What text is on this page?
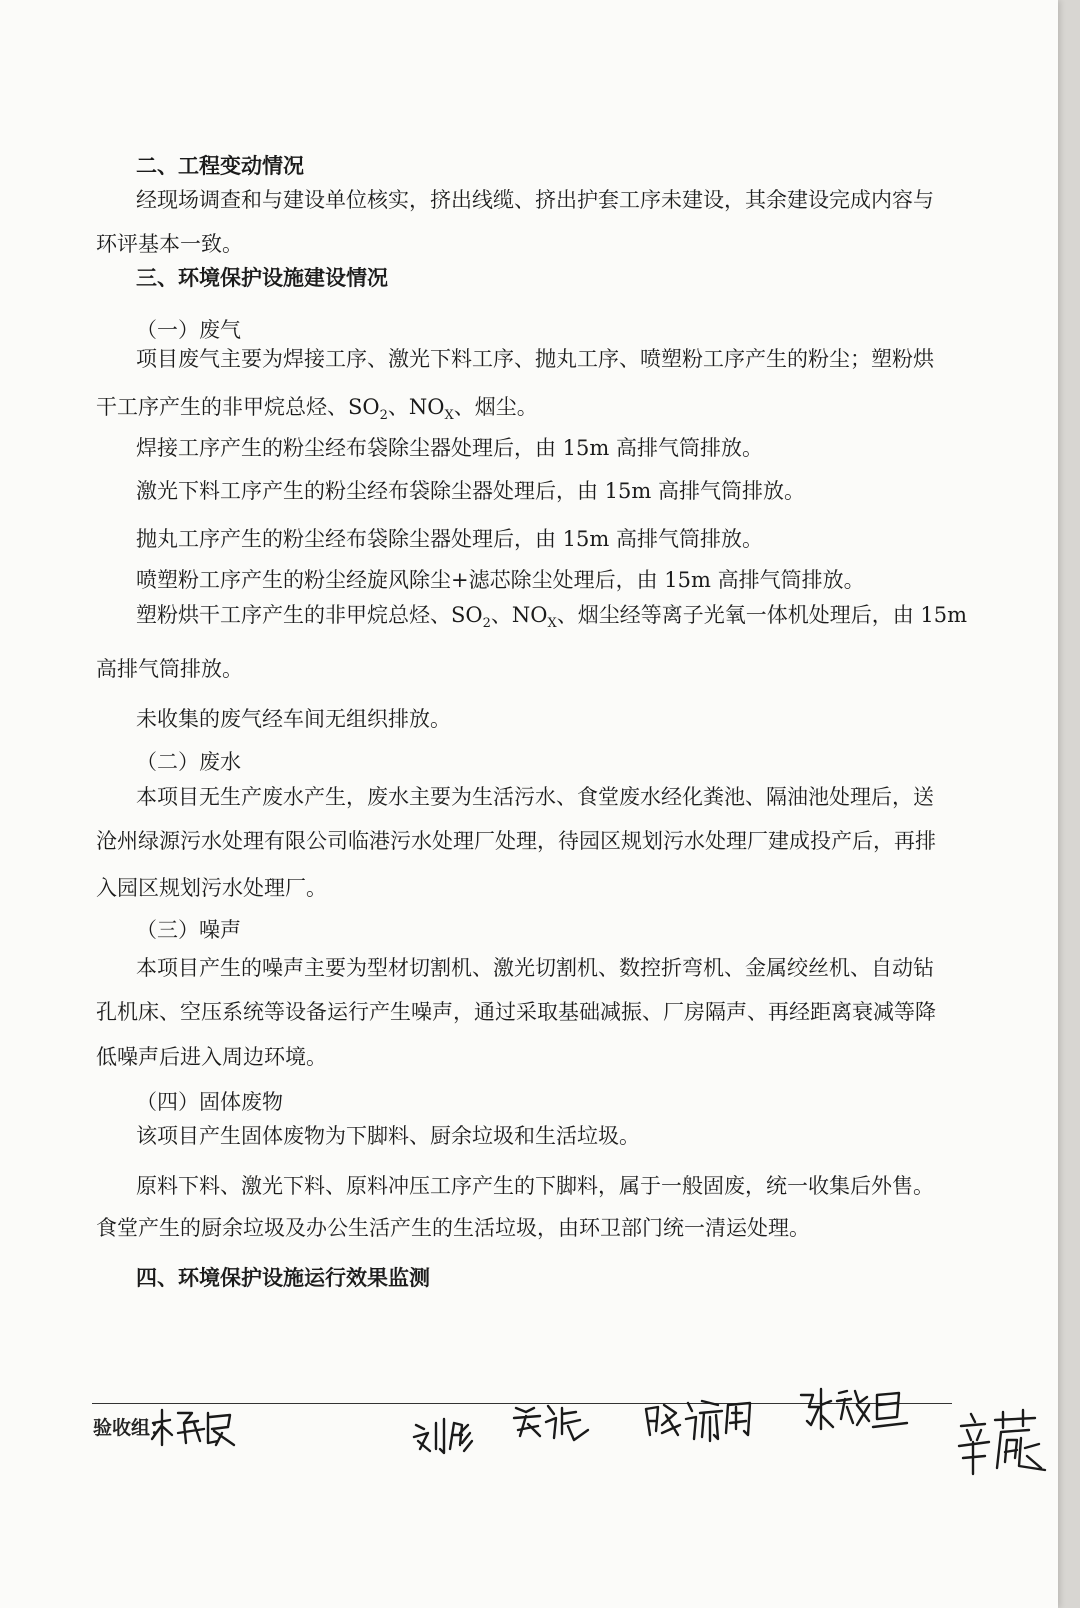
二、工程变动情况

经现场调查和与建设单位核实，挤出线缆、挤出护套工序未建设，其余建设完成内容与

环评基本一致。

三、环境保护设施建设情况

（一）废气

项目废气主要为焊接工序、激光下料工序、抛丸工序、喷塑粉工序产生的粉尘；塑粉烘

干工序产生的非甲烷总烃、$SO_2$、$NO_X$、烟尘。

焊接工序产生的粉尘经布袋除尘器处理后，由 15m 高排气筒排放。

激光下料工序产生的粉尘经布袋除尘器处理后，由 15m 高排气筒排放。

抛丸工序产生的粉尘经布袋除尘器处理后，由 15m 高排气筒排放。

喷塑粉工序产生的粉尘经旋风除尘+滤芯除尘处理后，由 15m 高排气筒排放。

塑粉烘干工序产生的非甲烷总烃、$SO_2$、$NO_X$、烟尘经等离子光氧一体机处理后，由 15m

高排气筒排放。

未收集的废气经车间无组织排放。

（二）废水

本项目无生产废水产生，废水主要为生活污水、食堂废水经化粪池、隔油池处理后，送

沧州绿源污水处理有限公司临港污水处理厂处理，待园区规划污水处理厂建成投产后，再排

入园区规划污水处理厂。

（三）噪声

本项目产生的噪声主要为型材切割机、激光切割机、数控折弯机、金属绞丝机、自动钻

孔机床、空压系统等设备运行产生噪声，通过采取基础减振、厂房隔声、再经距离衰减等降

低噪声后进入周边环境。

（四）固体废物

该项目产生固体废物为下脚料、厨余垃圾和生活垃圾。

原料下料、激光下料、原料冲压工序产生的下脚料，属于一般固废，统一收集后外售。

食堂产生的厨余垃圾及办公生活产生的生活垃圾，由环卫部门统一清运处理。

四、环境保护设施运行效果监测

验收组：
